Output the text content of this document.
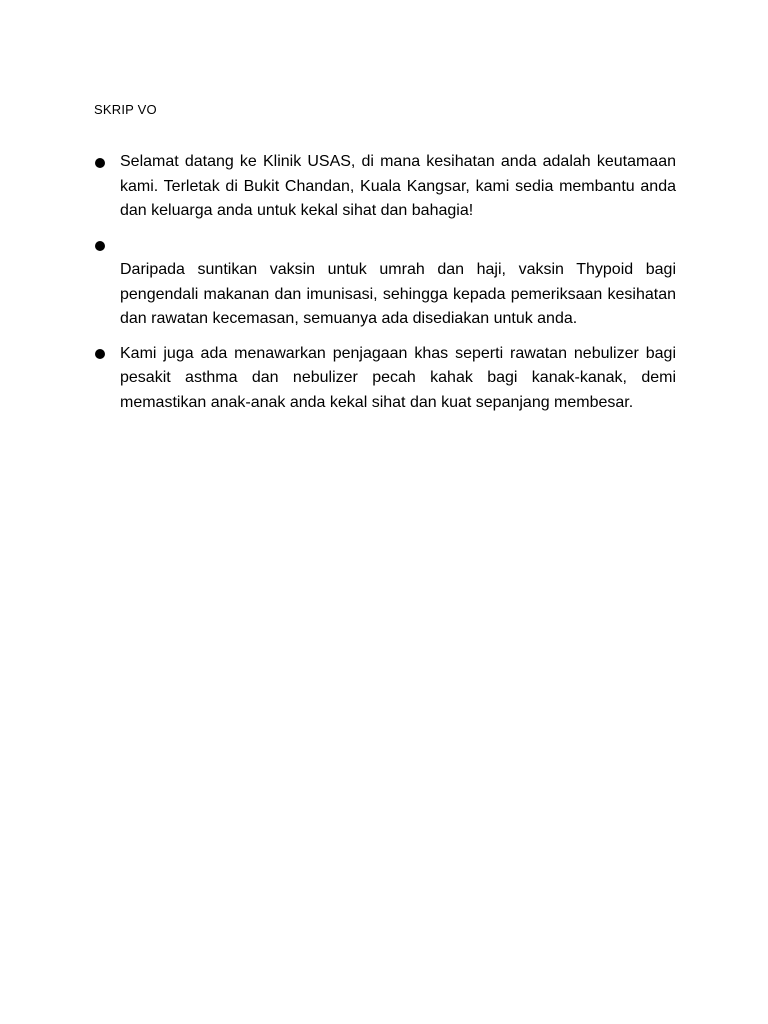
SKRIP VO
Selamat datang ke Klinik USAS, di mana kesihatan anda adalah keutamaan kami. Terletak di Bukit Chandan, Kuala Kangsar, kami sedia membantu anda dan keluarga anda untuk kekal sihat dan bahagia!
Daripada suntikan vaksin untuk umrah dan haji, vaksin Thypoid bagi pengendali makanan dan imunisasi, sehingga kepada pemeriksaan kesihatan dan rawatan kecemasan, semuanya ada disediakan untuk anda.
Kami juga ada menawarkan penjagaan khas seperti rawatan nebulizer bagi pesakit asthma dan nebulizer pecah kahak bagi kanak-kanak, demi memastikan anak-anak anda kekal sihat dan kuat sepanjang membesar.
